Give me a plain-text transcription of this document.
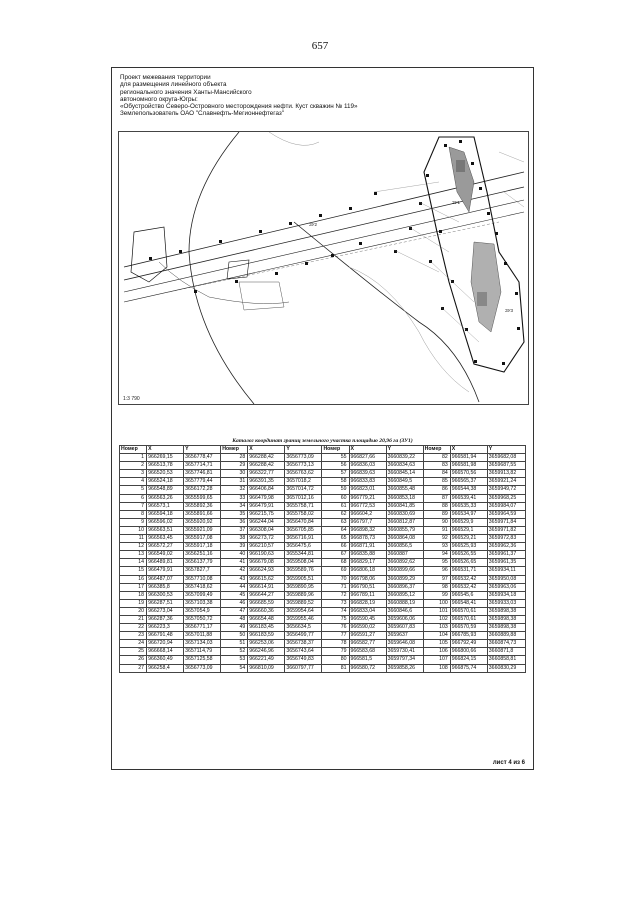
657
Проект межевания территории
для размещения линейного объекта
регионального значения Ханты-Мансийского
автономного округа-Югры:
«Обустройство Северо-Островного месторождения нефти. Куст скважин № 119»
Землепользователь ОАО "Славнефть-Мегионнефтегаз"
ЗУ2
ЗУ1
ЗУ3
1:3 790
Каталог координат границ земельного участка площадью 20,96 га (ЗУ1)
Номер	X	Y	Номер	X	Y	Номер	X	Y	Номер	X	Y
1	966269,15	3656778,47	28	966288,42	3656773,09	55	966827,66	3660839,22	82	966581,94	3659682,08
2	966513,78	3657714,71	29	966288,42	3656773,13	56	966836,03	3660834,63	83	966581,98	3659687,55
3	966520,53	3657746,81	30	966322,77	3656763,62	57	966839,63	3660845,14	84	966570,56	3659913,82
4	966524,18	3657779,44	31	966391,35	3657018,2	58	966833,83	3660849,5	85	966565,37	3659921,24
5	966548,89	3656172,28	32	966406,84	3657014,72	59	966823,01	3660855,48	86	966544,38	3659949,72
6	966563,26	3655599,65	33	966479,98	3657012,16	60	966779,21	3660853,18	87	966539,41	3659968,25
7	966573,1	3655892,36	34	966479,91	3655758,71	61	966772,53	3660841,85	88	966535,33	3659984,07
8	966594,18	3655891,66	35	966215,75	3655758,02	62	966604,2	3660830,69	89	966534,97	3659964,59
9	966596,02	3655920,92	36	966244,04	3656470,84	63	966797,7	3660812,87	90	966529,9	3659971,84
10	966563,51	3655921,09	37	966308,04	3656705,85	64	966898,32	3660855,79	91	966529,1	3659971,82
11	966563,45	3655917,08	38	966273,72	3656716,91	65	966878,73	3660864,08	92	966529,21	3659972,83
12	966572,27	3655917,18	39	966210,57	3656475,6	66	966871,91	3660856,5	93	966525,93	3659962,36
13	966549,02	3656251,16	40	966190,63	3655344,81	67	966835,88	3660887	94	966526,55	3659961,37
14	966489,81	3656137,79	41	966679,08	3659508,04	68	966829,17	3660892,62	95	966526,65	3659961,35
15	966479,91	3657827,7	42	966624,93	3659589,76	69	966806,18	3660899,66	96	966531,71	3659934,11
16	966487,07	3657710,08	43	966615,62	3659905,51	70	966798,06	3660899,29	97	966532,42	3659950,08
17	966385,8	3657418,62	44	966614,91	3659890,95	71	966790,51	3660896,37	98	966532,42	3659963,06
18	966300,53	3657099,49	45	966644,27	3659889,96	72	966789,11	3660895,12	99	966545,6	3659934,18
19	966287,51	3657103,38	46	966685,59	3659889,52	73	966828,19	3660888,19	100	966548,41	3659933,03
20	966273,04	3657054,9	47	966660,36	3659954,64	74	966833,04	3660846,6	101	966570,61	3659898,38
21	966287,36	3657050,72	48	966654,48	3659955,46	75	966590,45	3659606,06	102	966570,61	3659898,38
22	966223,3	3656771,17	49	966183,45	3656634,5	76	966590,02	3659607,83	103	966570,59	3659898,38
23	966791,48	3657011,88	50	966183,59	3656499,77	77	966591,27	3659637	104	966785,93	3660889,88
24	966720,94	3657134,03	51	966253,06	3656738,37	78	966582,77	3659646,08	105	966792,49	3660874,73
25	966668,14	3657114,79	52	966246,96	3656743,64	79	966583,68	3659730,41	106	966800,66	3660871,8
26	966360,49	3657125,58	53	966221,49	3656749,83	80	966581,5	3659797,34	107	966824,15	3660858,81
27	966258,4	3656773,09	54	966810,09	3660797,77	81	966580,72	3659858,26	108	966875,74	3660830,29
лист 4 из 6
